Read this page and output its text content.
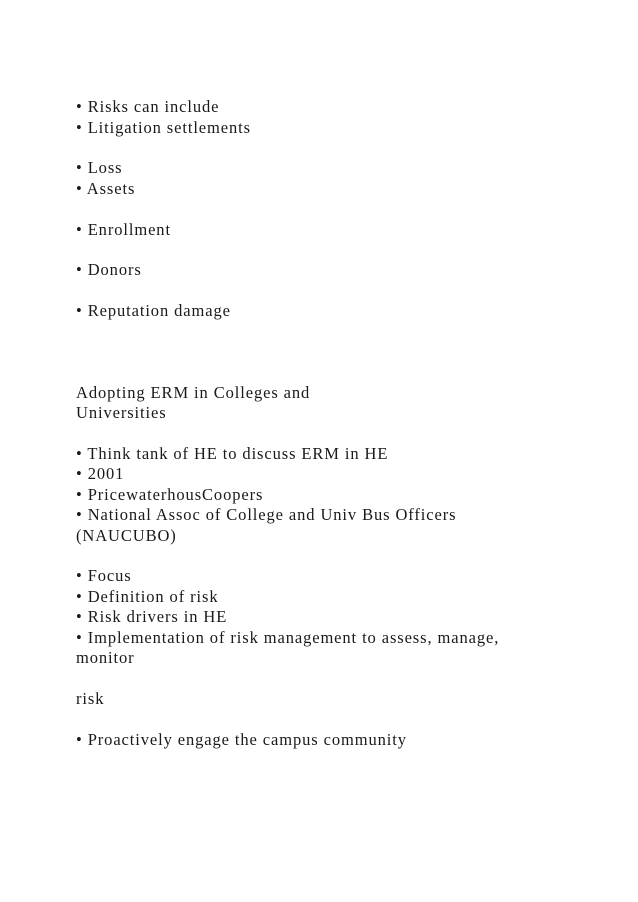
• Risks can include

• Litigation settlements

• Loss

• Assets

• Enrollment

• Donors

• Reputation damage

Adopting ERM in Colleges and

Universities

• Think tank of HE to discuss ERM in HE

• 2001

• PricewaterhousCoopers

• National Assoc of College and Univ Bus Officers

(NAUCUBO)

• Focus

• Definition of risk

• Risk drivers in HE

• Implementation of risk management to assess, manage,

monitor

risk

• Proactively engage the campus community
